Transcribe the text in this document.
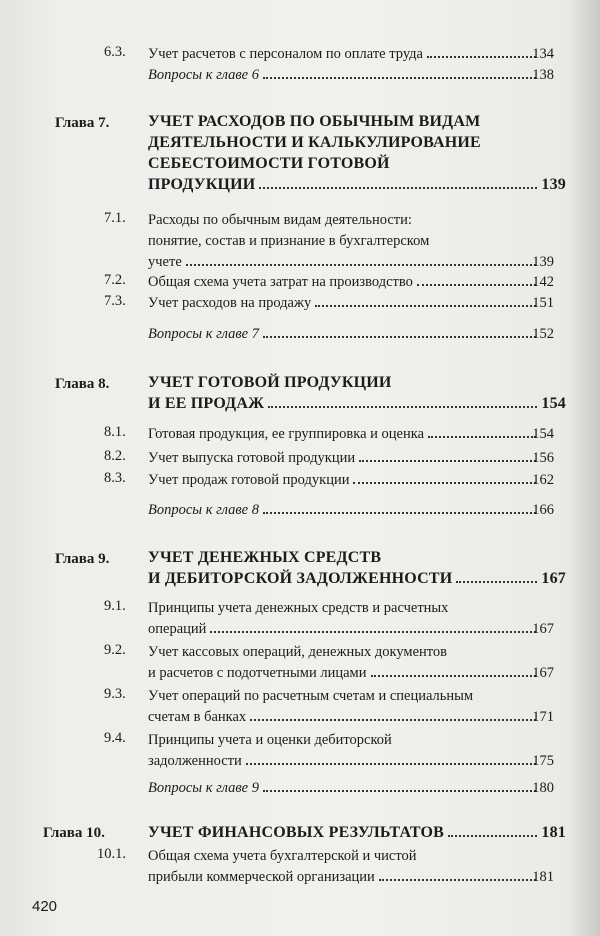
6.3. Учет расчетов с персоналом по оплате труда	134
Вопросы к главе 6	138
Глава 7. УЧЕТ РАСХОДОВ ПО ОБЫЧНЫМ ВИДАМ
ДЕЯТЕЛЬНОСТИ И КАЛЬКУЛИРОВАНИЕ
СЕБЕСТОИМОСТИ ГОТОВОЙ
ПРОДУКЦИИ	139
7.1. Расходы по обычным видам деятельности:
понятие, состав и признание в бухгалтерском
учете	139
7.2. Общая схема учета затрат на производство	142
7.3. Учет расходов на продажу	151
Вопросы к главе 7	152
Глава 8. УЧЕТ ГОТОВОЙ ПРОДУКЦИИ
И ЕЕ ПРОДАЖ	154
8.1. Готовая продукция, ее группировка и оценка	154
8.2. Учет выпуска готовой продукции	156
8.3. Учет продаж готовой продукции	162
Вопросы к главе 8	166
Глава 9. УЧЕТ ДЕНЕЖНЫХ СРЕДСТВ
И ДЕБИТОРСКОЙ ЗАДОЛЖЕННОСТИ	167
9.1. Принципы учета денежных средств и расчетных
операций	167
9.2. Учет кассовых операций, денежных документов
и расчетов с подотчетными лицами	167
9.3. Учет операций по расчетным счетам и специальным
счетам в банках	171
9.4. Принципы учета и оценки дебиторской
задолженности	175
Вопросы к главе 9	180
Глава 10.	УЧЕТ ФИНАНСОВЫХ РЕЗУЛЬТАТОВ	181
10.1. Общая схема учета бухгалтерской и чистой
прибыли коммерческой организации	181
420
